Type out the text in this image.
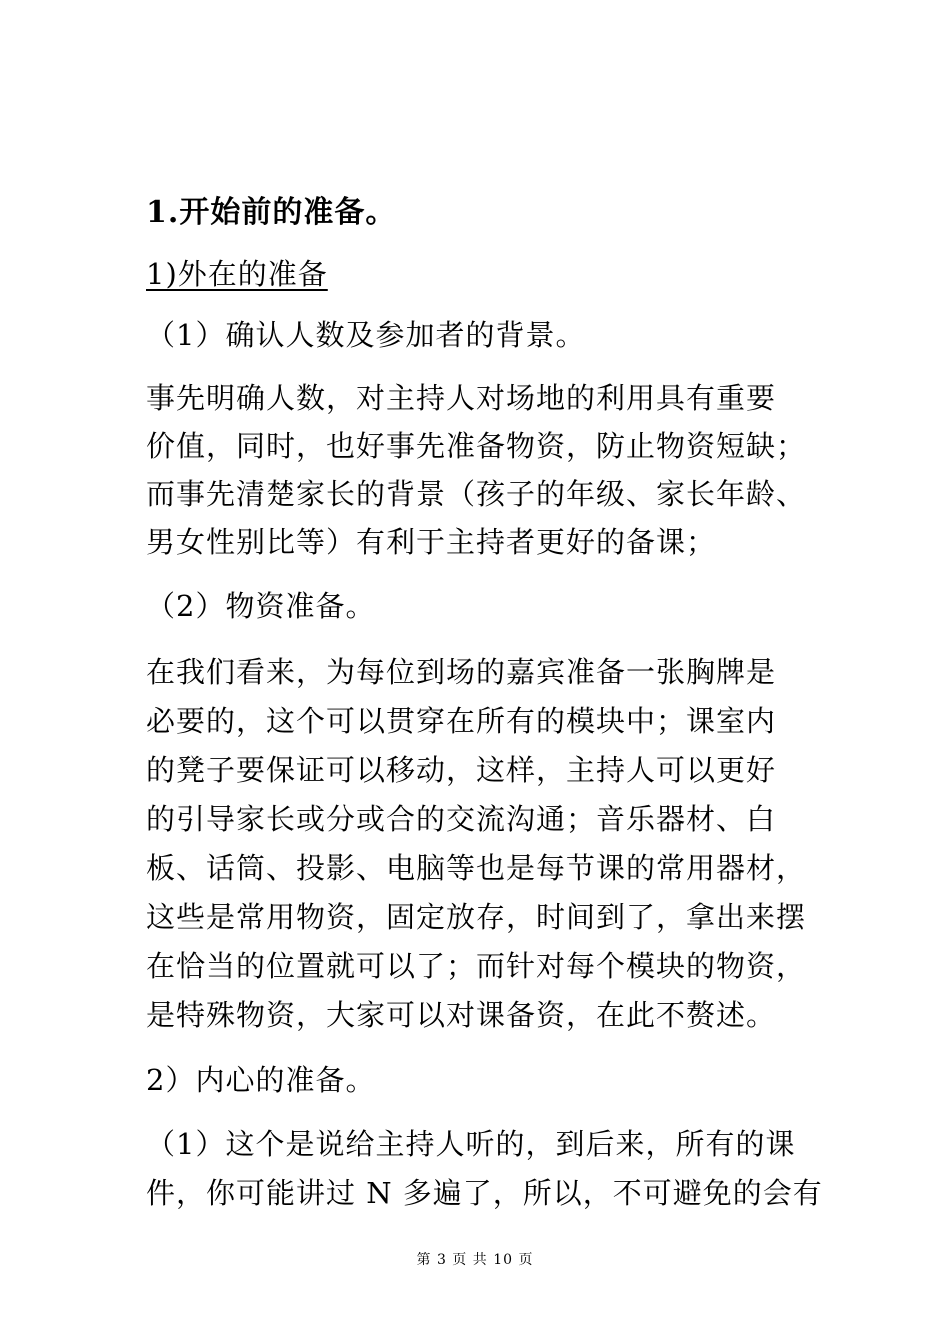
1.开始前的准备。
1)外在的准备
（1）确认人数及参加者的背景。
事先明确人数，对主持人对场地的利用具有重要
价值，同时，也好事先准备物资，防止物资短缺；
而事先清楚家长的背景（孩子的年级、家长年龄、
男女性别比等）有利于主持者更好的备课；
（2）物资准备。
在我们看来，为每位到场的嘉宾准备一张胸牌是
必要的，这个可以贯穿在所有的模块中；课室内
的凳子要保证可以移动，这样，主持人可以更好
的引导家长或分或合的交流沟通；音乐器材、白
板、话筒、投影、电脑等也是每节课的常用器材，
这些是常用物资，固定放存，时间到了，拿出来摆
在恰当的位置就可以了；而针对每个模块的物资，
是特殊物资，大家可以对课备资，在此不赘述。
2）内心的准备。
（1）这个是说给主持人听的，到后来，所有的课
件，你可能讲过 N 多遍了，所以，不可避免的会有
第 3 页 共 10 页
